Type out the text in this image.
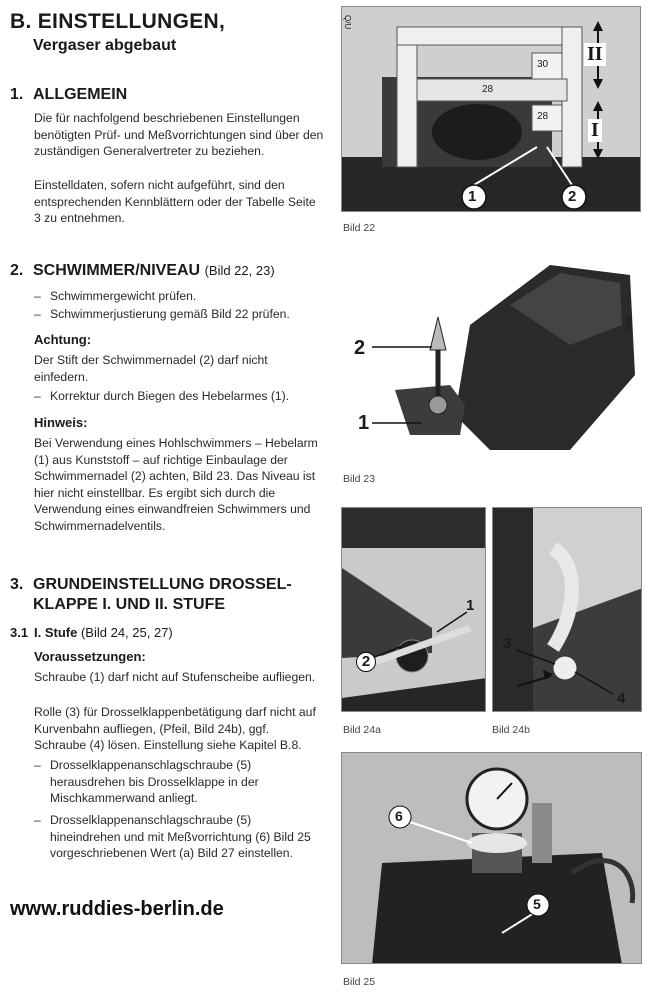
B. EINSTELLUNGEN,
Vergaser abgebaut
1. ALLGEMEIN
Die für nachfolgend beschriebenen Einstellungen benötigten Prüf- und Meßvorrichtungen sind über den zuständigen Generalvertreter zu beziehen.
Einstelldaten, sofern nicht aufgeführt, sind den entsprechenden Kennblättern oder der Tabelle Seite 3 zu entnehmen.
2. SCHWIMMER/NIVEAU (Bild 22, 23)
– Schwimmergewicht prüfen.
– Schwimmerjustierung gemäß Bild 22 prüfen.
Achtung:
Der Stift der Schwimmernadel (2) darf nicht einfedern.
– Korrektur durch Biegen des Hebelarmes (1).
Hinweis:
Bei Verwendung eines Hohlschwimmers – Hebelarm (1) aus Kunststoff – auf richtige Einbaulage der Schwimmernadel (2) achten, Bild 23. Das Niveau ist hier nicht einstellbar. Es ergibt sich durch die Verwendung eines einwandfreien Schwimmers und Schwimmernadelventils.
3. GRUNDEINSTELLUNG DROSSEL-
KLAPPE I. UND II. STUFE
3.1 I. Stufe (Bild 24, 25, 27)
Voraussetzungen:
Schraube (1) darf nicht auf Stufenscheibe aufliegen.
Rolle (3) für Drosselklappenbetätigung darf nicht auf Kurvenbahn aufliegen, (Pfeil, Bild 24b), ggf. Schraube (4) lösen. Einstellung siehe Kapitel B.8.
– Drosselklappenanschlagschraube (5) herausdrehen bis Drosselklappe in der Mischkammerwand anliegt.
– Drosselklappenanschlagschraube (5) hineindrehen und mit Meßvorrichtung (6) Bild 25 vorgeschriebenen Wert (a) Bild 27 einstellen.
www.ruddies-berlin.de
II
I
30
28
28
1	2
Q/U
Bild 22
2
1
592
Bild 23
1
2
Bild 24a
3
4
Bild 24b
6
5
Bild 25
